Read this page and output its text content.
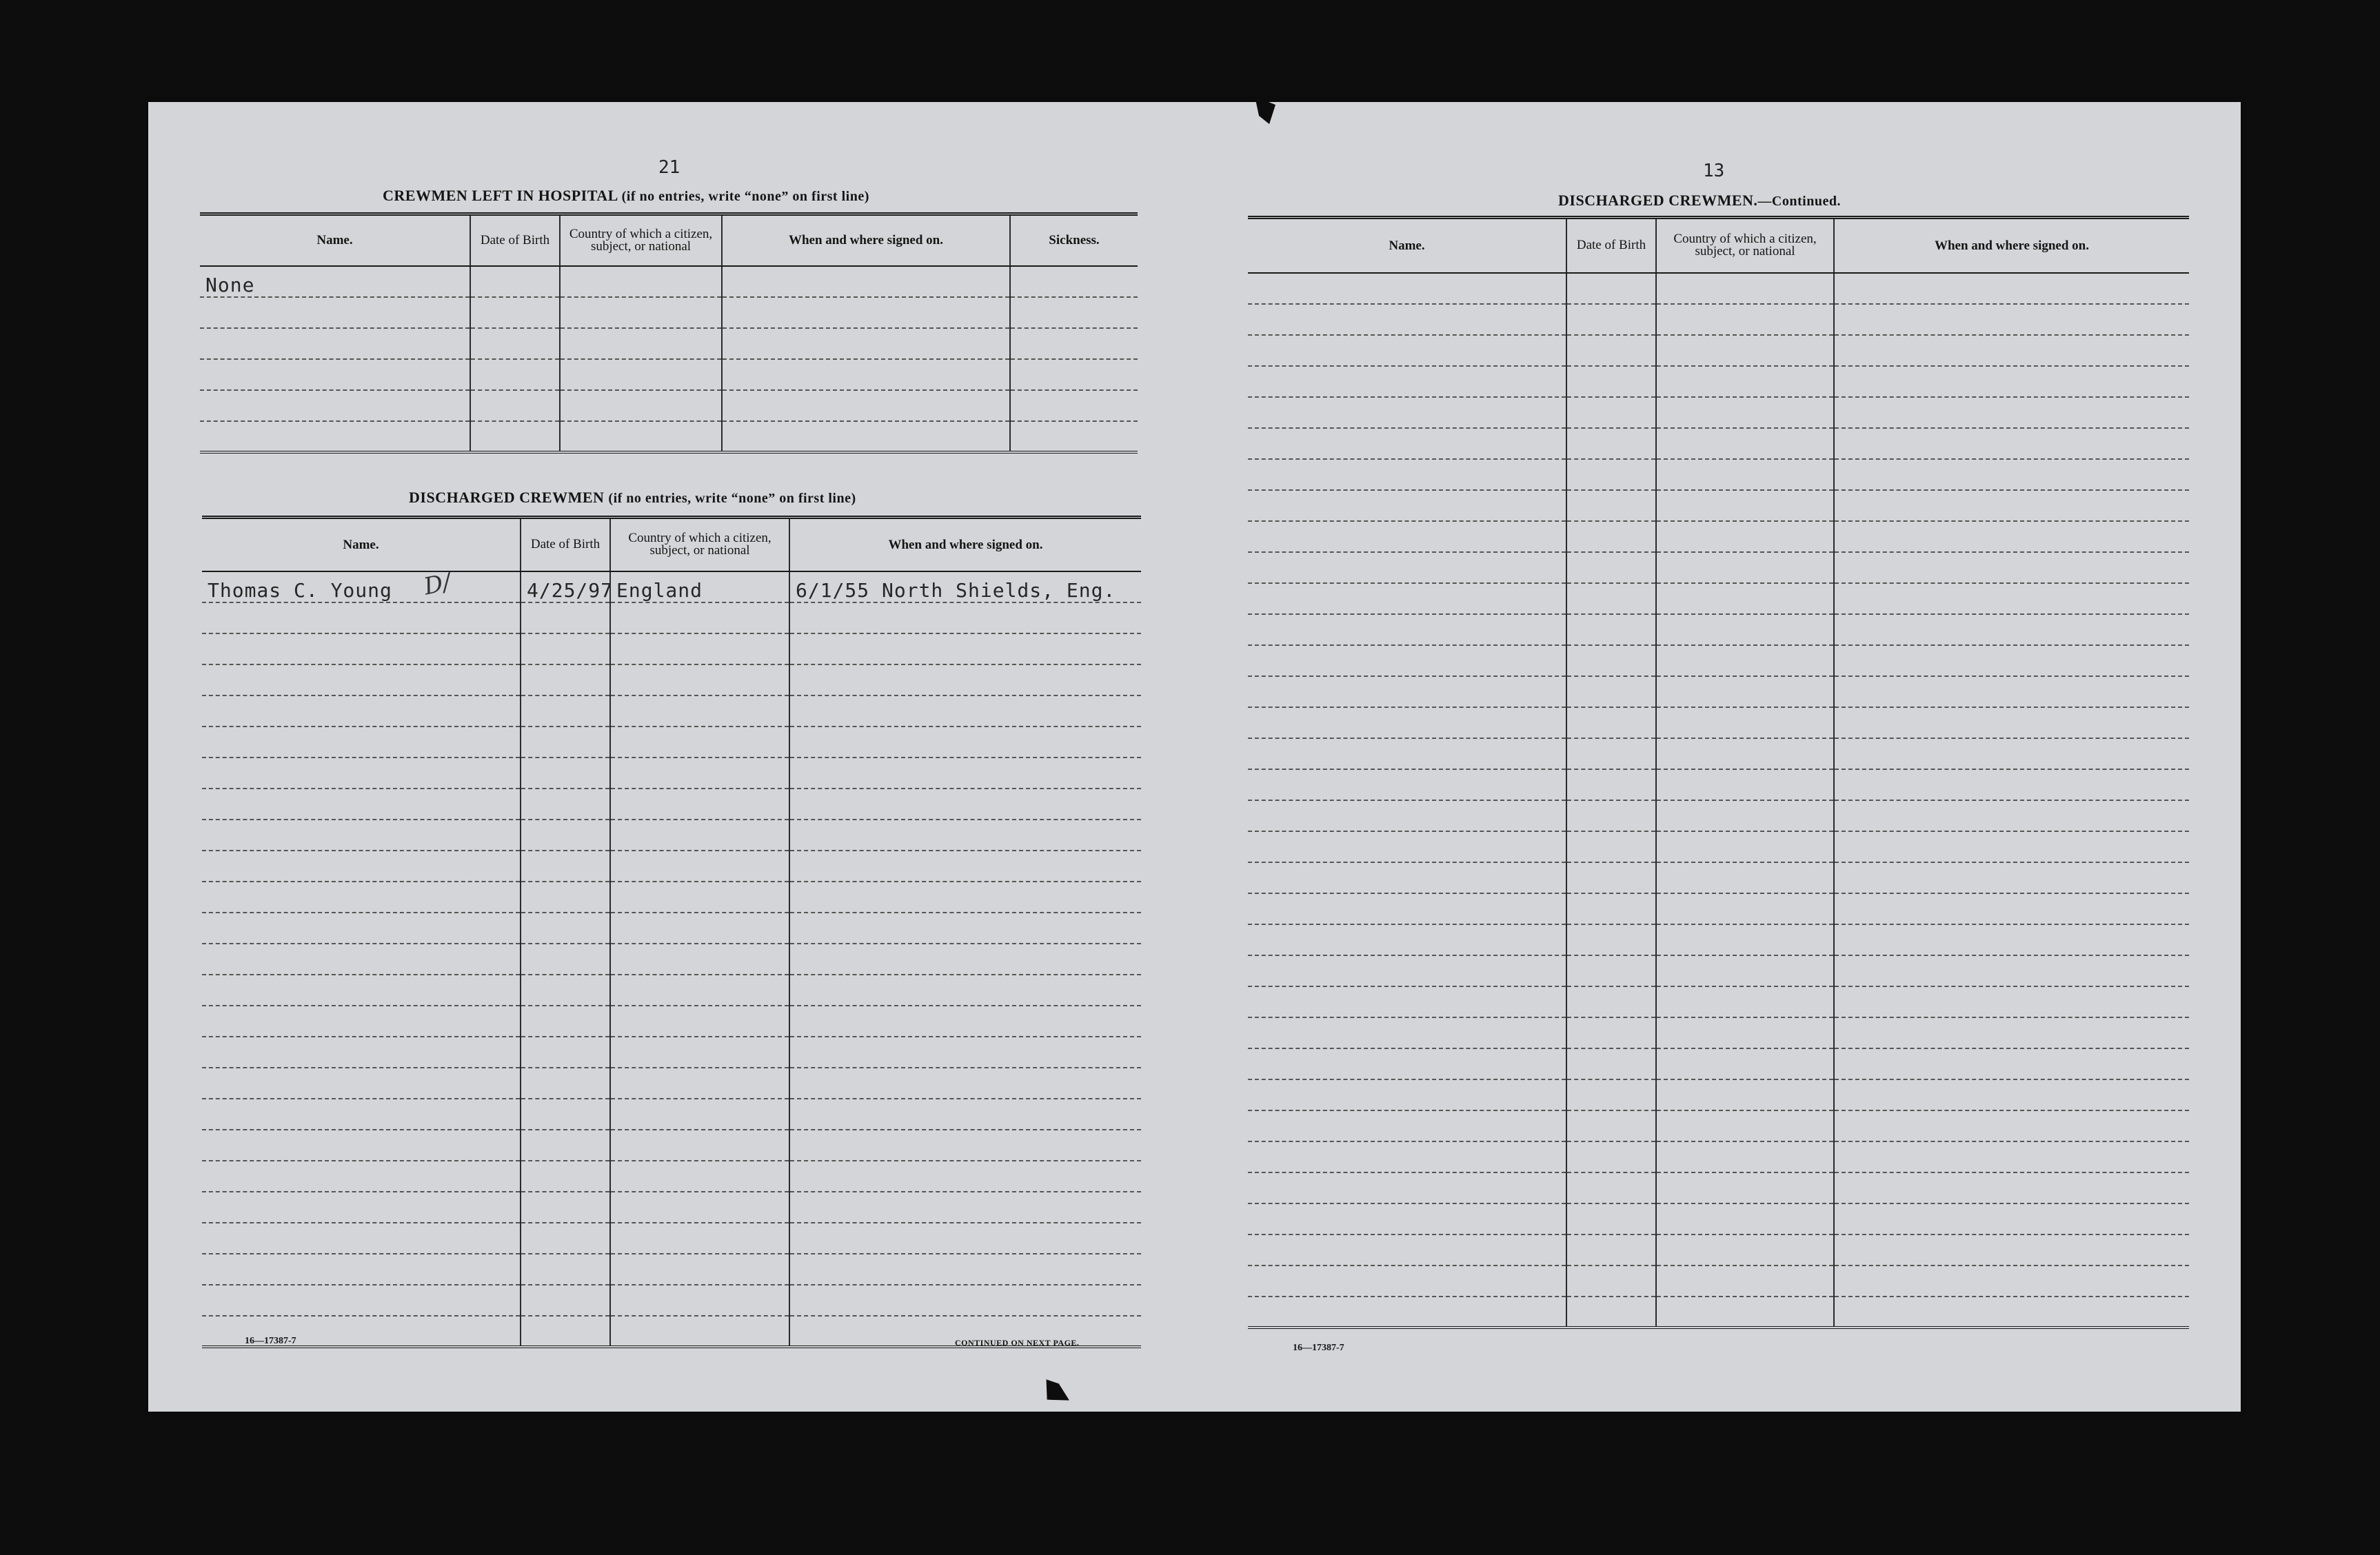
21
CREWMEN LEFT IN HOSPITAL (if no entries, write “none” on first line)
Name.	Date of Birth	Country of which a citizen, subject, or national	When and where signed on.	Sickness.
None				

DISCHARGED CREWMEN (if no entries, write “none” on first line)
Name.	Date of Birth	Country of which a citizen, subject, or national	When and where signed on.
Thomas C. Young	4/25/97	England	6/1/55 North Shields, Eng.

D/
16—17387-7	CONTINUED ON NEXT PAGE.
13
DISCHARGED CREWMEN.—Continued.
Name.	Date of Birth	Country of which a citizen, subject, or national	When and where signed on.

16—17387-7
